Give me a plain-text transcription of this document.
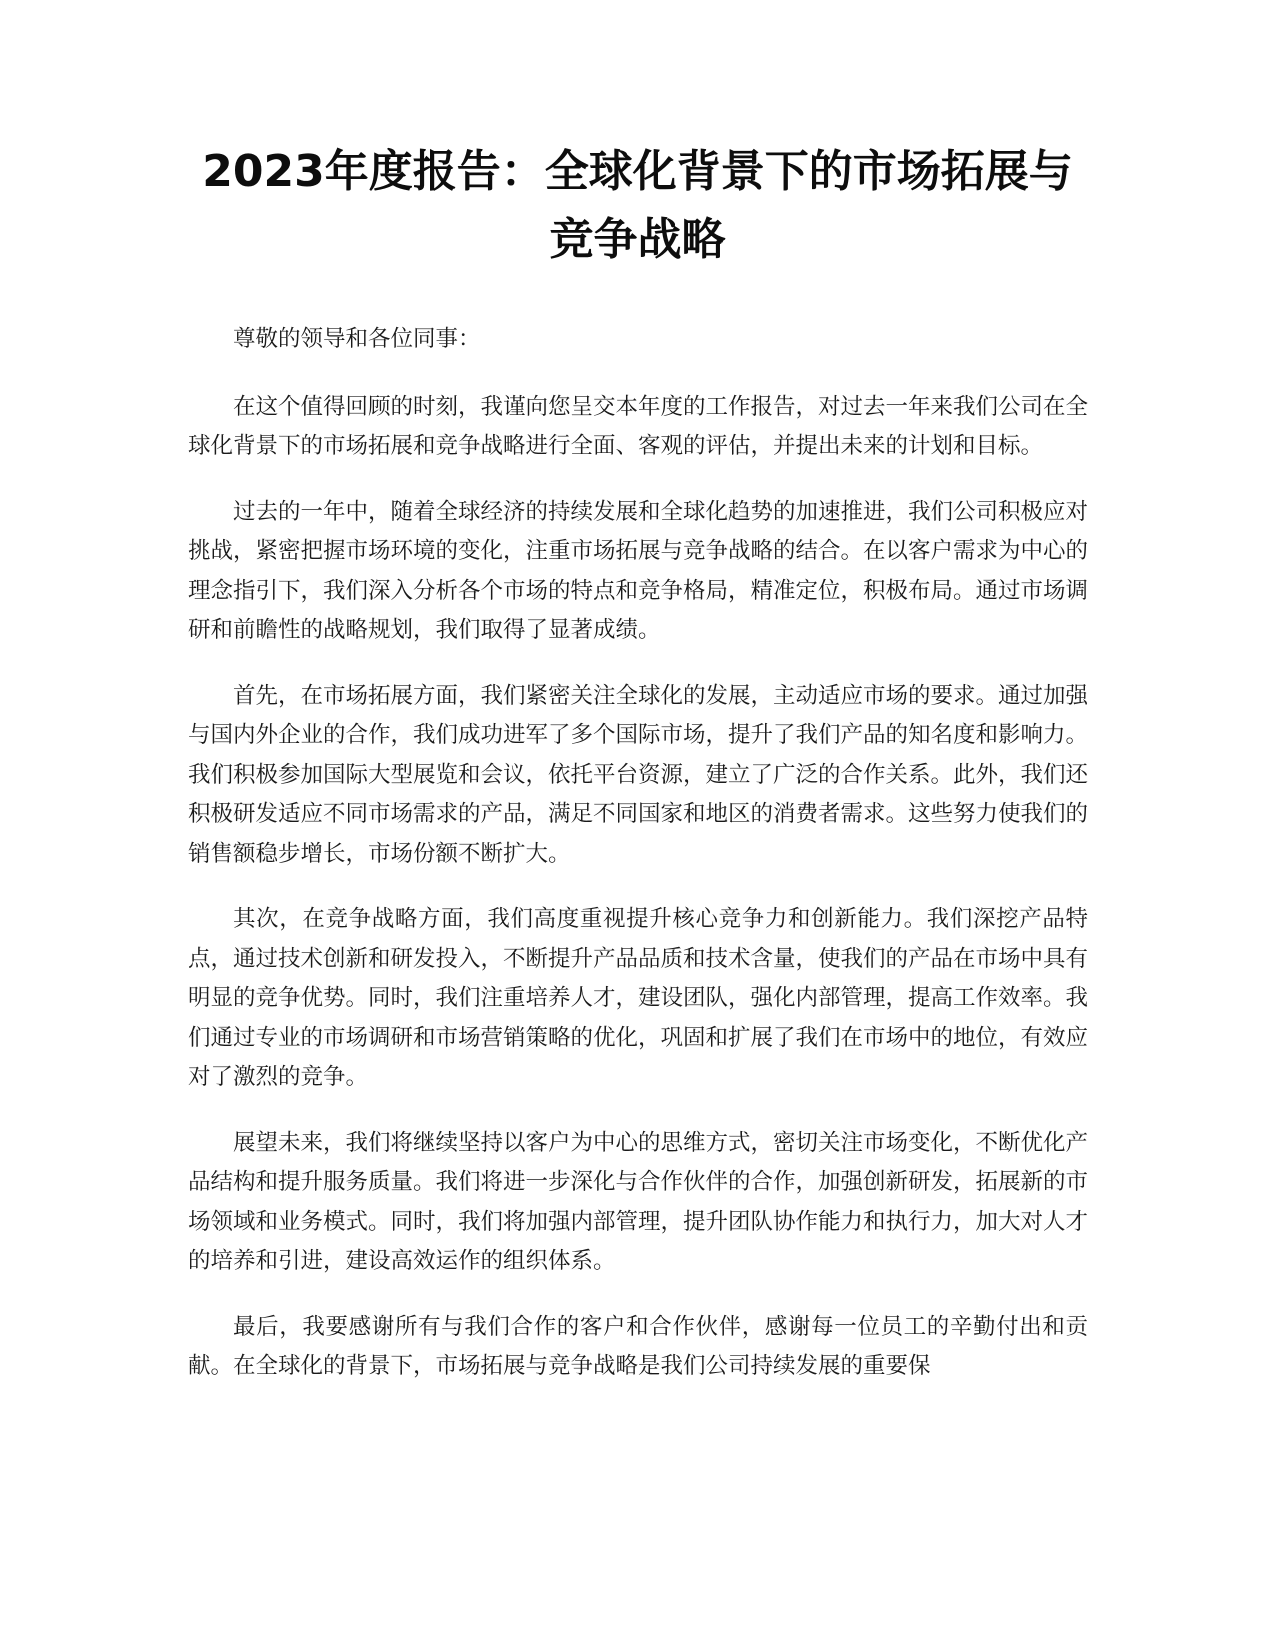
2023年度报告：全球化背景下的市场拓展与
竞争战略

尊敬的领导和各位同事：

在这个值得回顾的时刻，我谨向您呈交本年度的工作报告，对过去一年来我们公司在全球化背景下的市场拓展和竞争战略进行全面、客观的评估，并提出未来的计划和目标。

过去的一年中，随着全球经济的持续发展和全球化趋势的加速推进，我们公司积极应对挑战，紧密把握市场环境的变化，注重市场拓展与竞争战略的结合。在以客户需求为中心的理念指引下，我们深入分析各个市场的特点和竞争格局，精准定位，积极布局。通过市场调研和前瞻性的战略规划，我们取得了显著成绩。

首先，在市场拓展方面，我们紧密关注全球化的发展，主动适应市场的要求。通过加强与国内外企业的合作，我们成功进军了多个国际市场，提升了我们产品的知名度和影响力。我们积极参加国际大型展览和会议，依托平台资源，建立了广泛的合作关系。此外，我们还积极研发适应不同市场需求的产品，满足不同国家和地区的消费者需求。这些努力使我们的销售额稳步增长，市场份额不断扩大。

其次，在竞争战略方面，我们高度重视提升核心竞争力和创新能力。我们深挖产品特点，通过技术创新和研发投入，不断提升产品品质和技术含量，使我们的产品在市场中具有明显的竞争优势。同时，我们注重培养人才，建设团队，强化内部管理，提高工作效率。我们通过专业的市场调研和市场营销策略的优化，巩固和扩展了我们在市场中的地位，有效应对了激烈的竞争。

展望未来，我们将继续坚持以客户为中心的思维方式，密切关注市场变化，不断优化产品结构和提升服务质量。我们将进一步深化与合作伙伴的合作，加强创新研发，拓展新的市场领域和业务模式。同时，我们将加强内部管理，提升团队协作能力和执行力，加大对人才的培养和引进，建设高效运作的组织体系。

最后，我要感谢所有与我们合作的客户和合作伙伴，感谢每一位员工的辛勤付出和贡献。在全球化的背景下，市场拓展与竞争战略是我们公司持续发展的重要保
